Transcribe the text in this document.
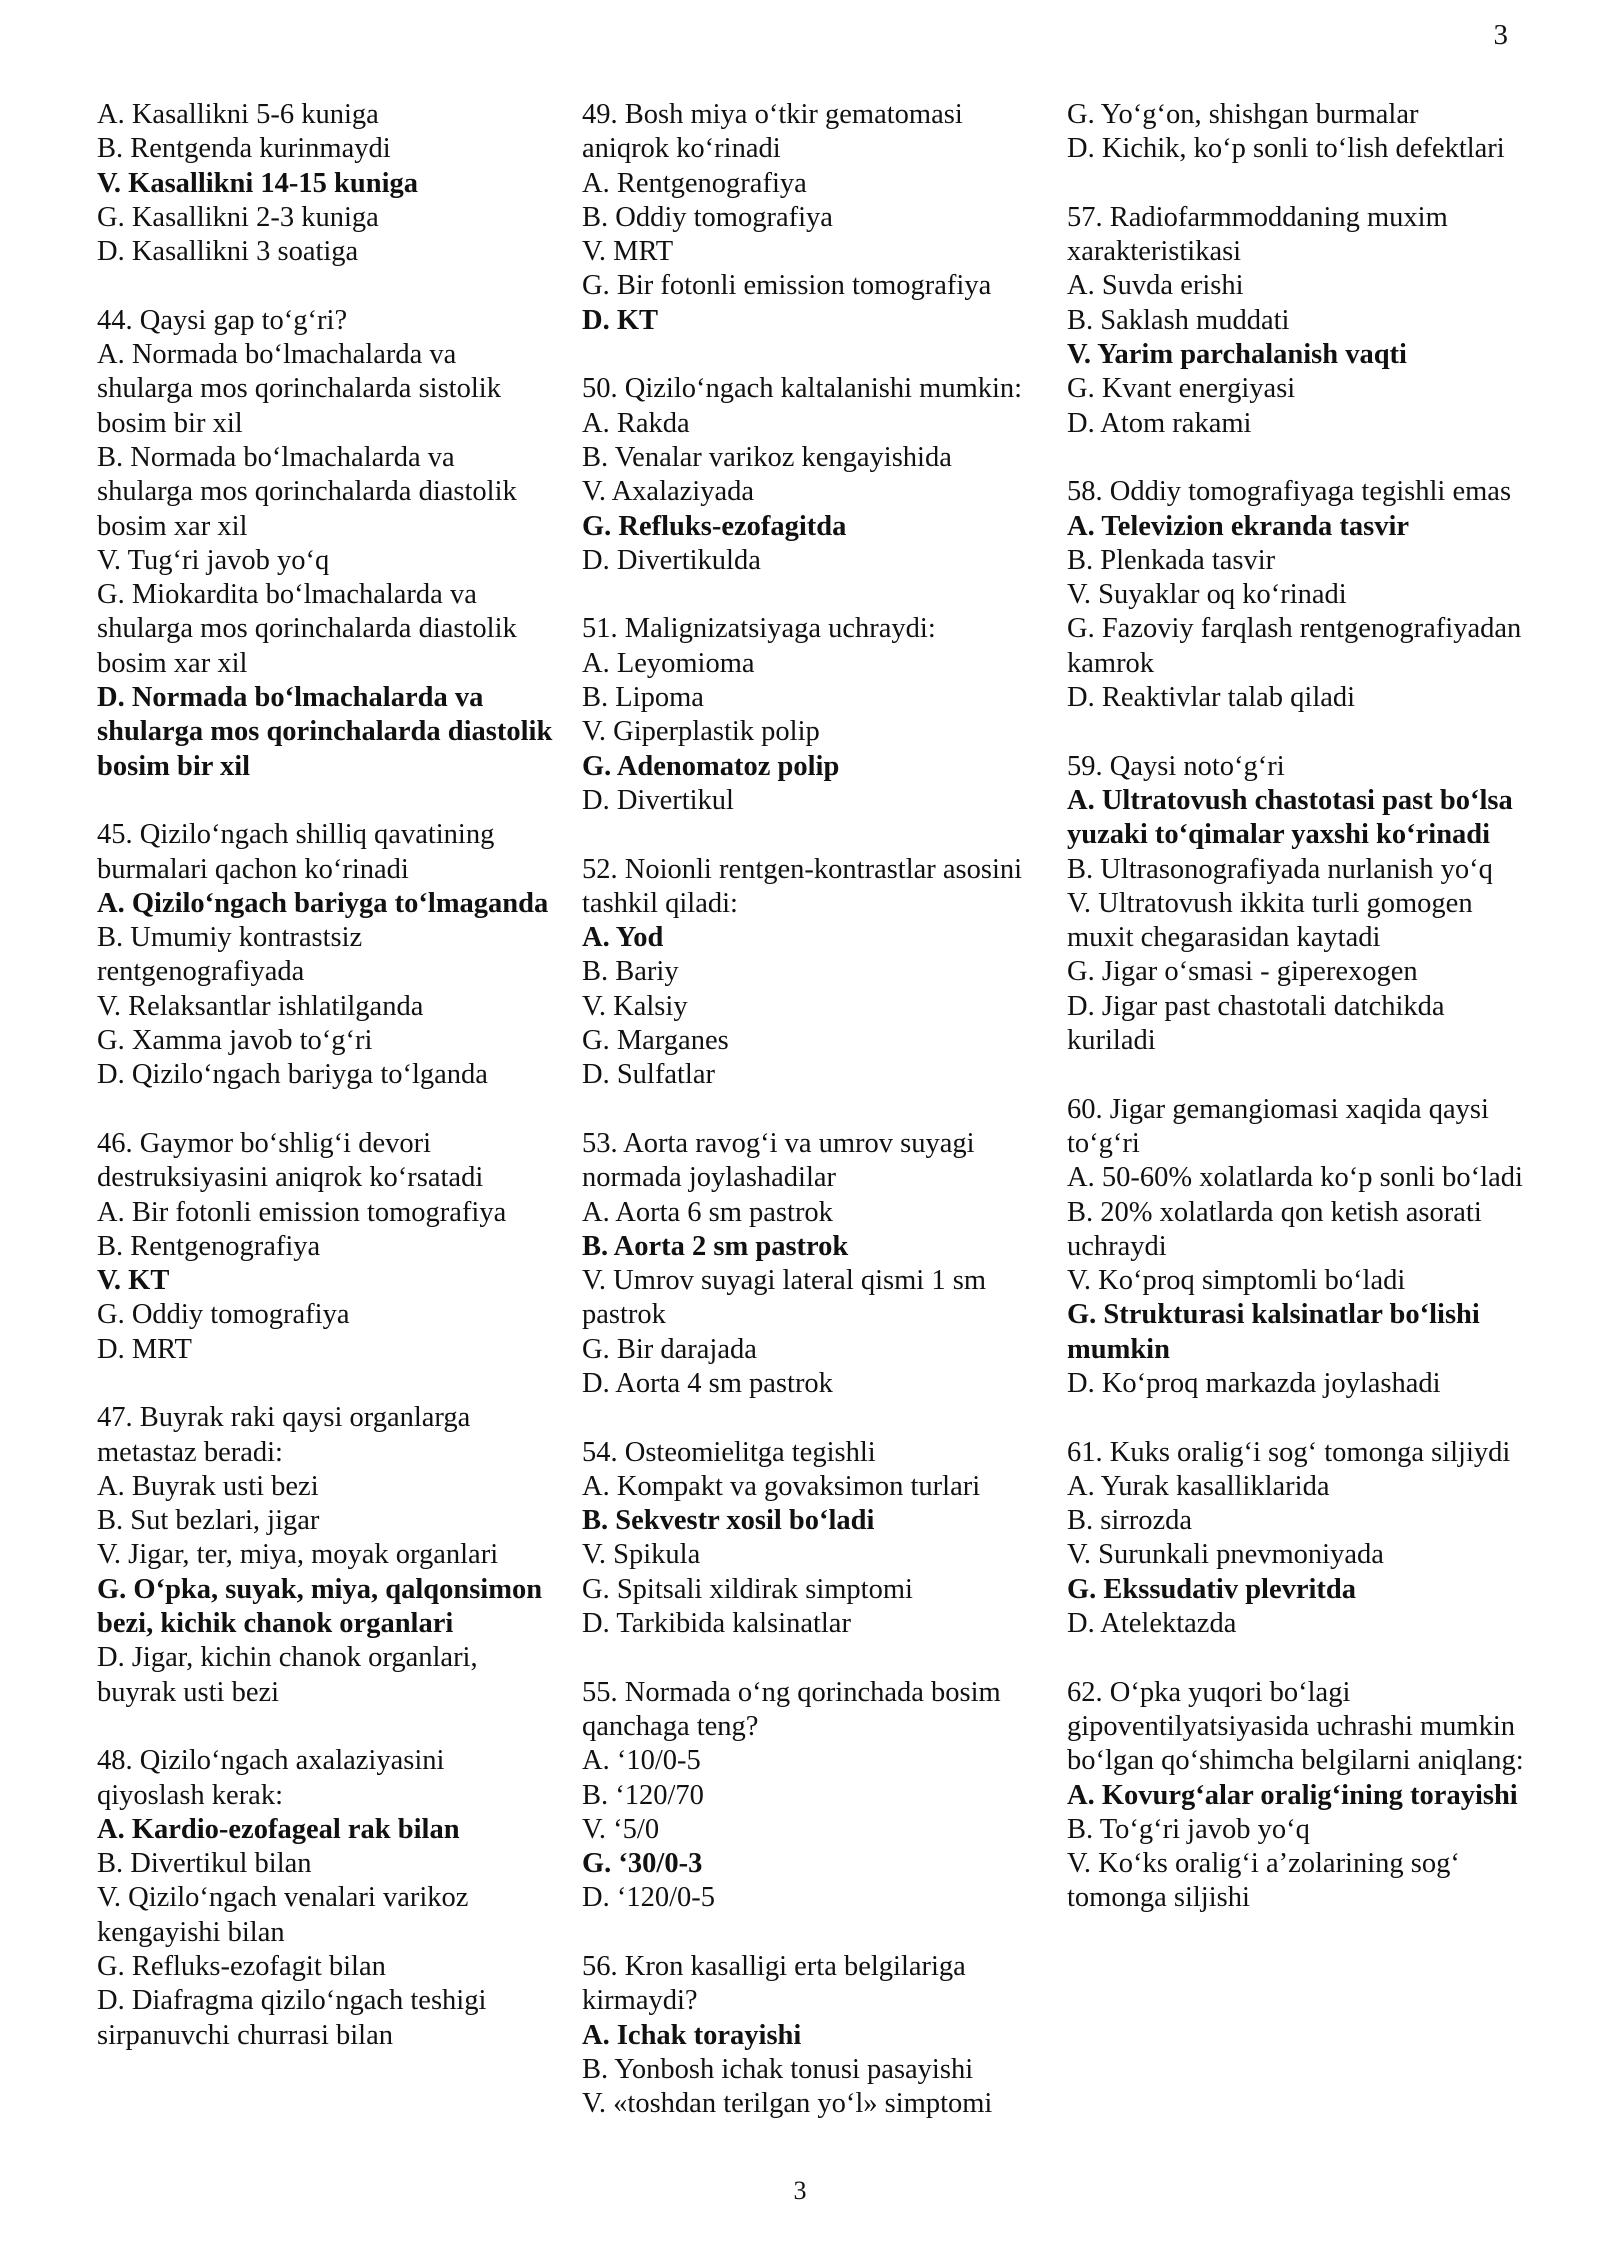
3

A. Kasallikni 5-6 kuniga

B. Rentgenda kurinmaydi

V. Kasallikni 14-15 kuniga

G. Kasallikni 2-3 kuniga

D. Kasallikni 3 soatiga

44. Qaysi gap to‘g‘ri?

A. Normada bo‘lmachalarda va shularga mos qorinchalarda sistolik bosim bir xil

B. Normada bo‘lmachalarda va shularga mos qorinchalarda diastolik bosim xar xil

V. Tug‘ri javob yo‘q

G. Miokardita bo‘lmachalarda va shularga mos qorinchalarda diastolik bosim xar xil

D. Normada bo‘lmachalarda va shularga mos qorinchalarda diastolik bosim bir xil

45. Qizilo‘ngach shilliq qavatining burmalari qachon ko‘rinadi

A. Qizilo‘ngach bariyga to‘lmaganda

B. Umumiy kontrastsiz rentgenografiyada

V. Relaksantlar ishlatilganda

G. Xamma javob to‘g‘ri

D. Qizilo‘ngach bariyga to‘lganda

46. Gaymor bo‘shlig‘i devori destruksiyasini aniqrok ko‘rsatadi

A. Bir fotonli emission tomografiya

B. Rentgenografiya

V. KT

G. Oddiy tomografiya

D. MRT

47. Buyrak raki qaysi organlarga metastaz beradi:

A. Buyrak usti bezi

B. Sut bezlari, jigar

V. Jigar, ter, miya, moyak organlari

G. O‘pka, suyak, miya, qalqonsimon bezi, kichik chanok organlari

D. Jigar, kichin chanok organlari, buyrak usti bezi

48. Qizilo‘ngach axalaziyasini qiyoslash kerak:

A. Kardio-ezofageal rak bilan

B. Divertikul bilan

V. Qizilo‘ngach venalari varikoz kengayishi bilan

G. Refluks-ezofagit bilan

D. Diafragma qizilo‘ngach teshigi sirpanuvchi churrasi bilan

49. Bosh miya o‘tkir gematomasi aniqrok ko‘rinadi

A. Rentgenografiya

B. Oddiy tomografiya

V. MRT

G. Bir fotonli emission tomografiya

D. KT

50. Qizilo‘ngach kaltalanishi mumkin:

A. Rakda

B. Venalar varikoz kengayishida

V. Axalaziyada

G. Refluks-ezofagitda

D. Divertikulda

51. Malignizatsiyaga uchraydi:

A. Leyomioma

B. Lipoma

V. Giperplastik polip

G. Adenomatoz polip

D. Divertikul

52. Noionli rentgen-kontrastlar asosini tashkil qiladi:

A. Yod

B. Bariy

V. Kalsiy

G. Marganes

D. Sulfatlar

53. Aorta ravog‘i va umrov suyagi normada joylashadilar

A. Aorta 6 sm pastrok

B. Aorta 2 sm pastrok

V. Umrov suyagi lateral qismi 1 sm pastrok

G. Bir darajada

D. Aorta 4 sm pastrok

54. Osteomielitga tegishli

A. Kompakt va govaksimon turlari

B. Sekvestr xosil bo‘ladi

V. Spikula

G. Spitsali xildirak simptomi

D. Tarkibida kalsinatlar

55. Normada o‘ng qorinchada bosim qanchaga teng?

A. ‘10/0-5

B. ‘120/70

V. ‘5/0

G. ‘30/0-3

D. ‘120/0-5

56. Kron kasalligi erta belgilariga kirmaydi?

A. Ichak torayishi

B. Yonbosh ichak tonusi pasayishi

V. «toshdan terilgan yo‘l» simptomi

G. Yo‘g‘on, shishgan burmalar

D. Kichik, ko‘p sonli to‘lish defektlari

57. Radiofarmmoddaning muxim xarakteristikasi

A. Suvda erishi

B. Saklash muddati

V. Yarim parchalanish vaqti

G. Kvant energiyasi

D. Atom rakami

58. Oddiy tomografiyaga tegishli emas

A. Televizion ekranda tasvir

B. Plenkada tasvir

V. Suyaklar oq ko‘rinadi

G. Fazoviy farqlash rentgenografiyadan kamrok

D. Reaktivlar talab qiladi

59. Qaysi noto‘g‘ri

A. Ultratovush chastotasi past bo‘lsa yuzaki to‘qimalar yaxshi ko‘rinadi

B. Ultrasonografiyada nurlanish yo‘q

V. Ultratovush ikkita turli gomogen muxit chegarasidan kaytadi

G. Jigar o‘smasi - giperexogen

D. Jigar past chastotali datchikda kuriladi

60. Jigar gemangiomasi xaqida qaysi to‘g‘ri

A. 50-60% xolatlarda ko‘p sonli bo‘ladi

B. 20% xolatlarda qon ketish asorati uchraydi

V. Ko‘proq simptomli bo‘ladi

G. Strukturasi kalsinatlar bo‘lishi mumkin

D. Ko‘proq markazda joylashadi

61. Kuks oralig‘i sog‘ tomonga siljiydi

A. Yurak kasalliklarida

B. sirrozda

V. Surunkali pnevmoniyada

G. Ekssudativ plevritda

D. Atelektazda

62. O‘pka yuqori bo‘lagi gipoventilyatsiyasida uchrashi mumkin bo‘lgan qo‘shimcha belgilarni aniqlang:

A. Kovurg‘alar oralig‘ining torayishi

B. To‘g‘ri javob yo‘q

V. Ko‘ks oralig‘i a’zolarining sog‘ tomonga siljishi

3
